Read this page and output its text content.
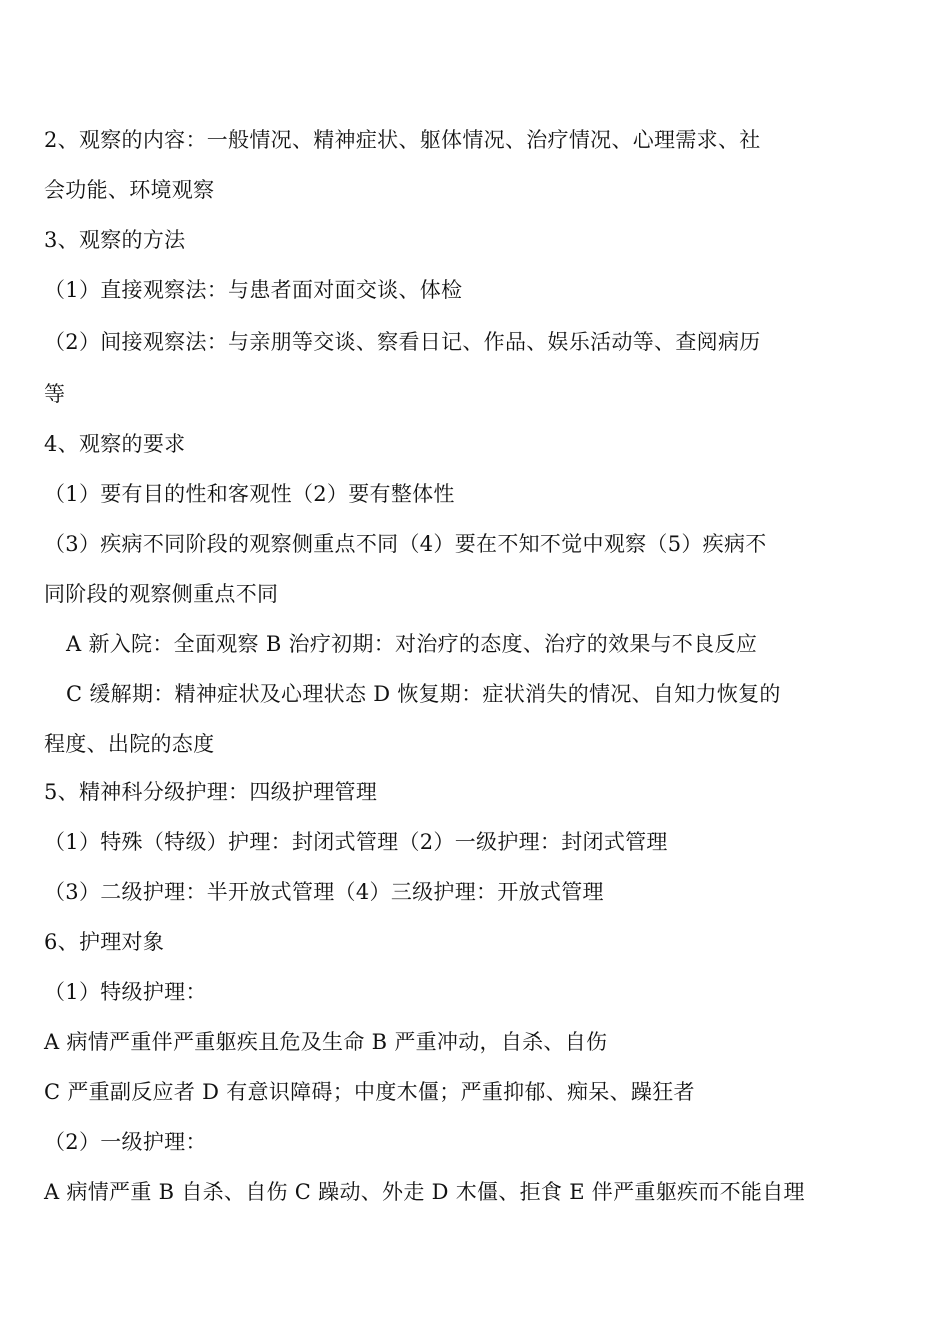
2、观察的内容：一般情况、精神症状、躯体情况、治疗情况、心理需求、社
会功能、环境观察
3、观察的方法
（1）直接观察法：与患者面对面交谈、体检
（2）间接观察法：与亲朋等交谈、察看日记、作品、娱乐活动等、查阅病历
等
4、观察的要求
（1）要有目的性和客观性（2）要有整体性
（3）疾病不同阶段的观察侧重点不同（4）要在不知不觉中观察（5）疾病不
同阶段的观察侧重点不同
A 新入院：全面观察 B 治疗初期：对治疗的态度、治疗的效果与不良反应
C 缓解期：精神症状及心理状态 D 恢复期：症状消失的情况、自知力恢复的
程度、出院的态度
5、精神科分级护理：四级护理管理
（1）特殊（特级）护理：封闭式管理（2）一级护理：封闭式管理
（3）二级护理：半开放式管理（4）三级护理：开放式管理
6、护理对象
（1）特级护理：
A 病情严重伴严重躯疾且危及生命 B 严重冲动，自杀、自伤
C 严重副反应者 D 有意识障碍；中度木僵；严重抑郁、痴呆、躁狂者
（2）一级护理：
A 病情严重 B 自杀、自伤 C 躁动、外走 D 木僵、拒食 E 伴严重躯疾而不能自理
